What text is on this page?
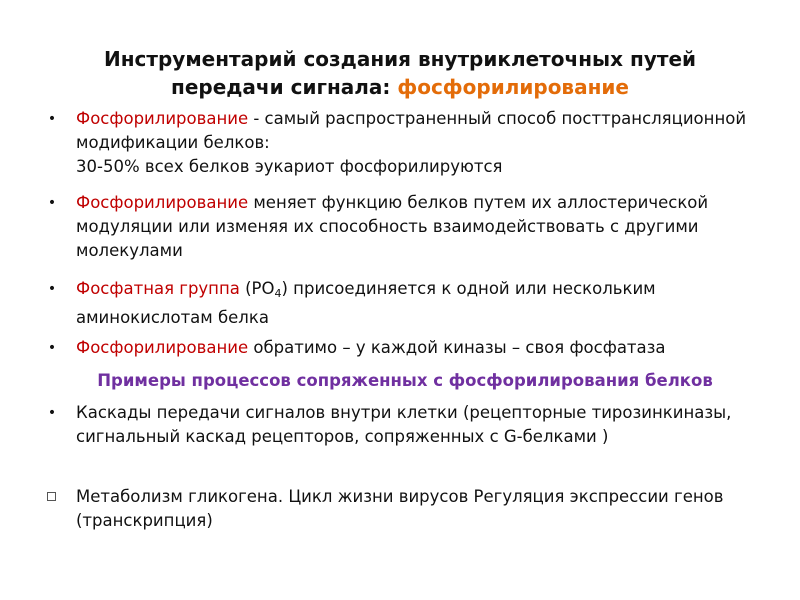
Инструментарий создания внутриклеточных путей
передачи сигнала: фосфорилирование
• Фосфорилирование - самый распространенный способ посттрансляционной модификации белков:
30-50% всех белков эукариот фосфорилируются
• Фосфорилирование меняет функцию белков путем их аллостерической модуляции или изменяя их способность взаимодействовать с другими молекулами
• Фосфатная группа $(PO_4)$ присоединяется к одной или нескольким аминокислотам белка
• Фосфорилирование обратимо – у каждой киназы – своя фосфатаза
Примеры процессов сопряженных с фосфорилирования белков
• Каскады передачи сигналов внутри клетки (рецепторные тирозинкиназы, сигнальный каскад рецепторов, сопряженных с G-белками )
Метаболизм гликогена. Цикл жизни вирусов Регуляция экспрессии генов (транскрипция)
